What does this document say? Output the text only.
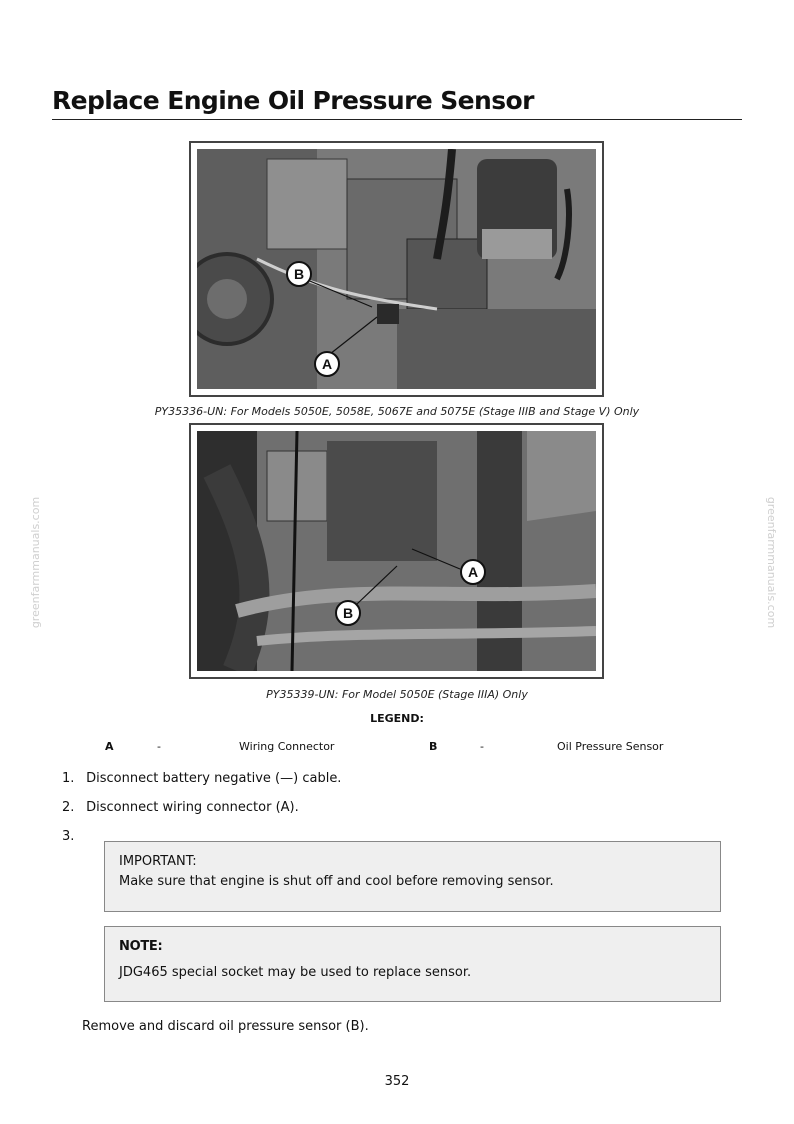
Replace Engine Oil Pressure Sensor
B
A
PY35336-UN: For Models 5050E, 5058E, 5067E and 5075E (Stage IIIB and Stage V) Only
A
B
PY35339-UN: For Model 5050E (Stage IIIA) Only
LEGEND:
A	-	Wiring Connector	B	-	Oil Pressure Sensor
1. Disconnect battery negative (—) cable.
2. Disconnect wiring connector (A).
3.
IMPORTANT:
Make sure that engine is shut off and cool before removing sensor.
NOTE:
JDG465 special socket may be used to replace sensor.
Remove and discard oil pressure sensor (B).
352
greenfarmmanuals.com	greenfarmmanuals.com
